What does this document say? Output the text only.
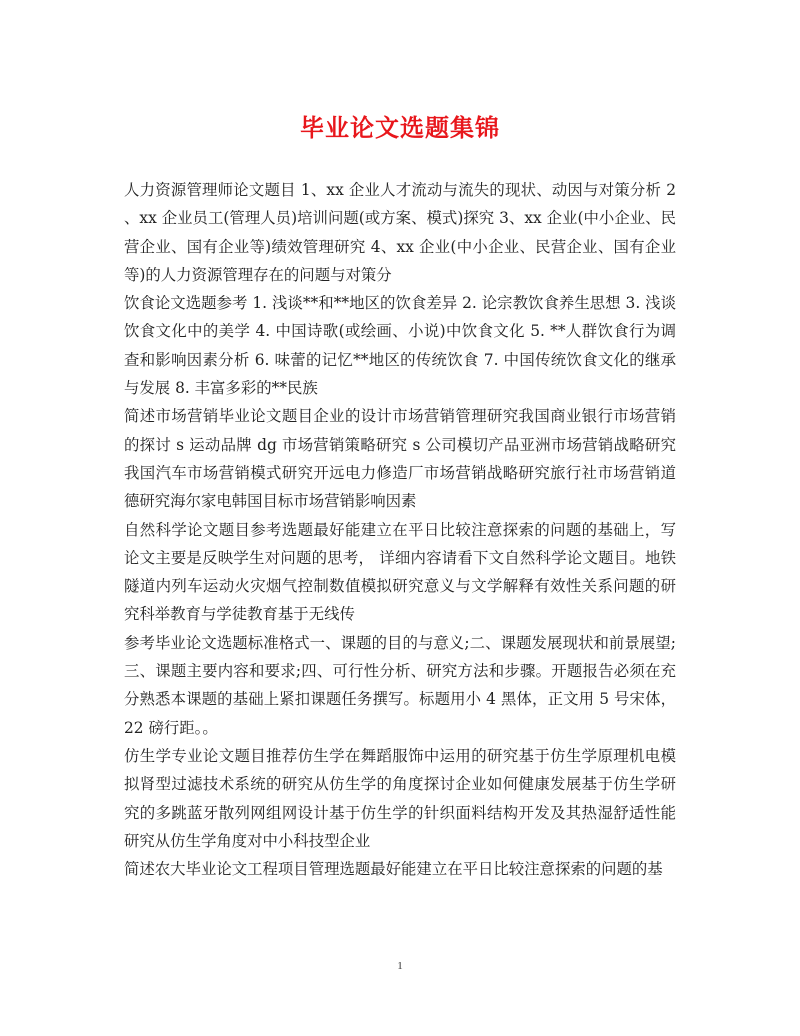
毕业论文选题集锦

人力资源管理师论文题目 1、xx 企业人才流动与流失的现状、动因与对策分析 2 、xx 企业员工(管理人员)培训问题(或方案、模式)探究 3、xx 企业(中小企业、民营企业、国有企业等)绩效管理研究 4、xx 企业(中小企业、民营企业、国有企业等)的人力资源管理存在的问题与对策分

饮食论文选题参考 1. 浅谈**和**地区的饮食差异 2. 论宗教饮食养生思想 3. 浅谈饮食文化中的美学 4. 中国诗歌(或绘画、小说)中饮食文化 5. **人群饮食行为调查和影响因素分析 6. 味蕾的记忆**地区的传统饮食 7. 中国传统饮食文化的继承与发展 8. 丰富多彩的**民族

简述市场营销毕业论文题目企业的设计市场营销管理研究我国商业银行市场营销的探讨 s 运动品牌 dg 市场营销策略研究 s 公司模切产品亚洲市场营销战略研究我国汽车市场营销模式研究开远电力修造厂市场营销战略研究旅行社市场营销道德研究海尔家电韩国目标市场营销影响因素

自然科学论文题目参考选题最好能建立在平日比较注意探索的问题的基础上，写论文主要是反映学生对问题的思考， 详细内容请看下文自然科学论文题目。地铁隧道内列车运动火灾烟气控制数值模拟研究意义与文学解释有效性关系问题的研究科举教育与学徒教育基于无线传

参考毕业论文选题标准格式一、课题的目的与意义;二、课题发展现状和前景展望;三、课题主要内容和要求;四、可行性分析、研究方法和步骤。开题报告必须在充分熟悉本课题的基础上紧扣课题任务撰写。标题用小 4 黑体，正文用 5 号宋体，22 磅行距。。

仿生学专业论文题目推荐仿生学在舞蹈服饰中运用的研究基于仿生学原理机电模拟肾型过滤技术系统的研究从仿生学的角度探讨企业如何健康发展基于仿生学研究的多跳蓝牙散列网组网设计基于仿生学的针织面料结构开发及其热湿舒适性能研究从仿生学角度对中小科技型企业

简述农大毕业论文工程项目管理选题最好能建立在平日比较注意探索的问题的基

1
